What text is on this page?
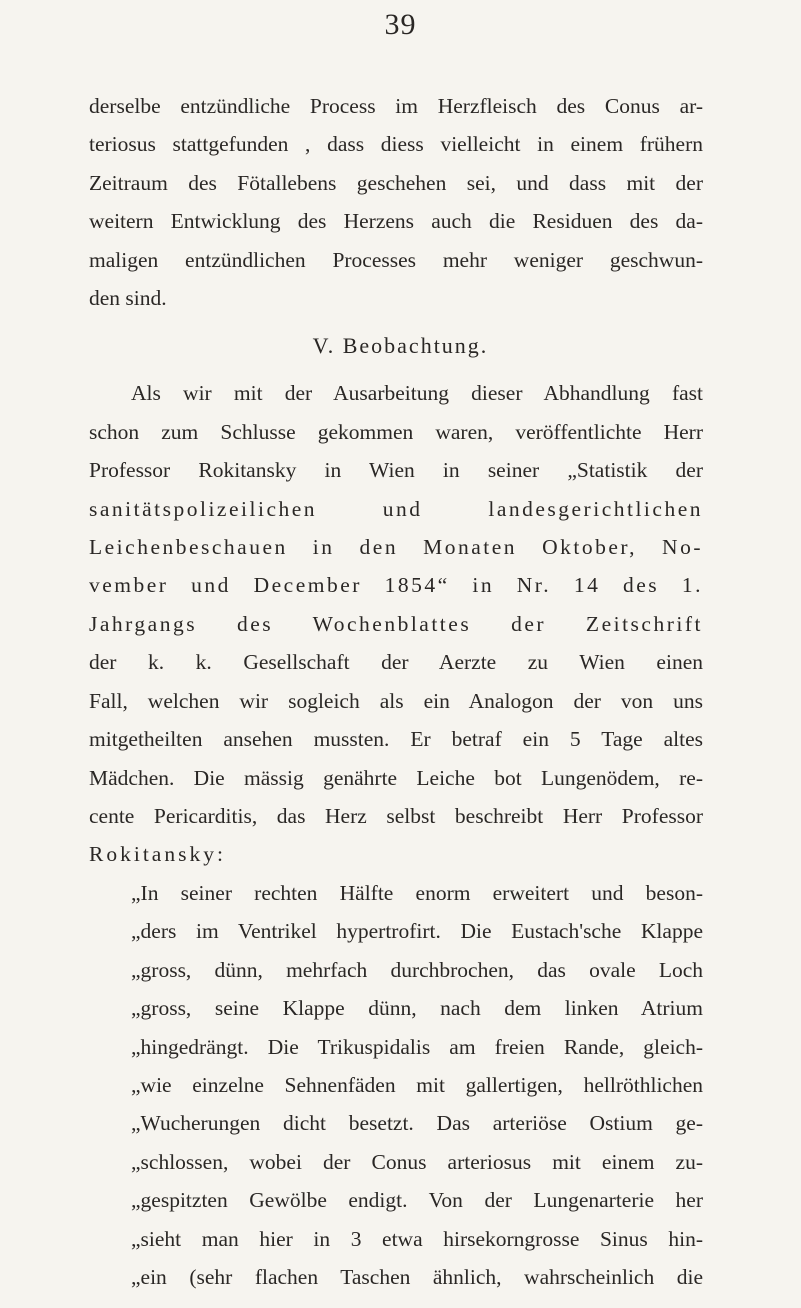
39
derselbe entzündliche Process im Herzfleisch des Conus ar-
teriosus stattgefunden , dass diess vielleicht in einem frühern
Zeitraum des Fötallebens geschehen sei, und dass mit der
weitern Entwicklung des Herzens auch die Residuen des da-
maligen entzündlichen Processes mehr weniger geschwun-
den sind.
V. Beobachtung.
Als wir mit der Ausarbeitung dieser Abhandlung fast
schon zum Schlusse gekommen waren, veröffentlichte Herr
Professor Rokitansky in Wien in seiner „Statistik der
sanitätspolizeilichen und landesgerichtlichen
Leichenbeschauen in den Monaten Oktober, No-
vember und December 1854“ in Nr. 14 des 1.
Jahrgangs des Wochenblattes der Zeitschrift
der k. k. Gesellschaft der Aerzte zu Wien einen
Fall, welchen wir sogleich als ein Analogon der von uns
mitgetheilten ansehen mussten. Er betraf ein 5 Tage altes
Mädchen. Die mässig genährte Leiche bot Lungenödem, re-
cente Pericarditis, das Herz selbst beschreibt Herr Professor
Rokitansky:
„In seiner rechten Hälfte enorm erweitert und beson-
„ders im Ventrikel hypertrofirt. Die Eustach'sche Klappe
„gross, dünn, mehrfach durchbrochen, das ovale Loch
„gross, seine Klappe dünn, nach dem linken Atrium
„hingedrängt. Die Trikuspidalis am freien Rande, gleich-
„wie einzelne Sehnenfäden mit gallertigen, hellröthlichen
„Wucherungen dicht besetzt. Das arteriöse Ostium ge-
„schlossen, wobei der Conus arteriosus mit einem zu-
„gespitzten Gewölbe endigt. Von der Lungenarterie her
„sieht man hier in 3 etwa hirsekorngrosse Sinus hin-
„ein (sehr flachen Taschen ähnlich, wahrscheinlich die
